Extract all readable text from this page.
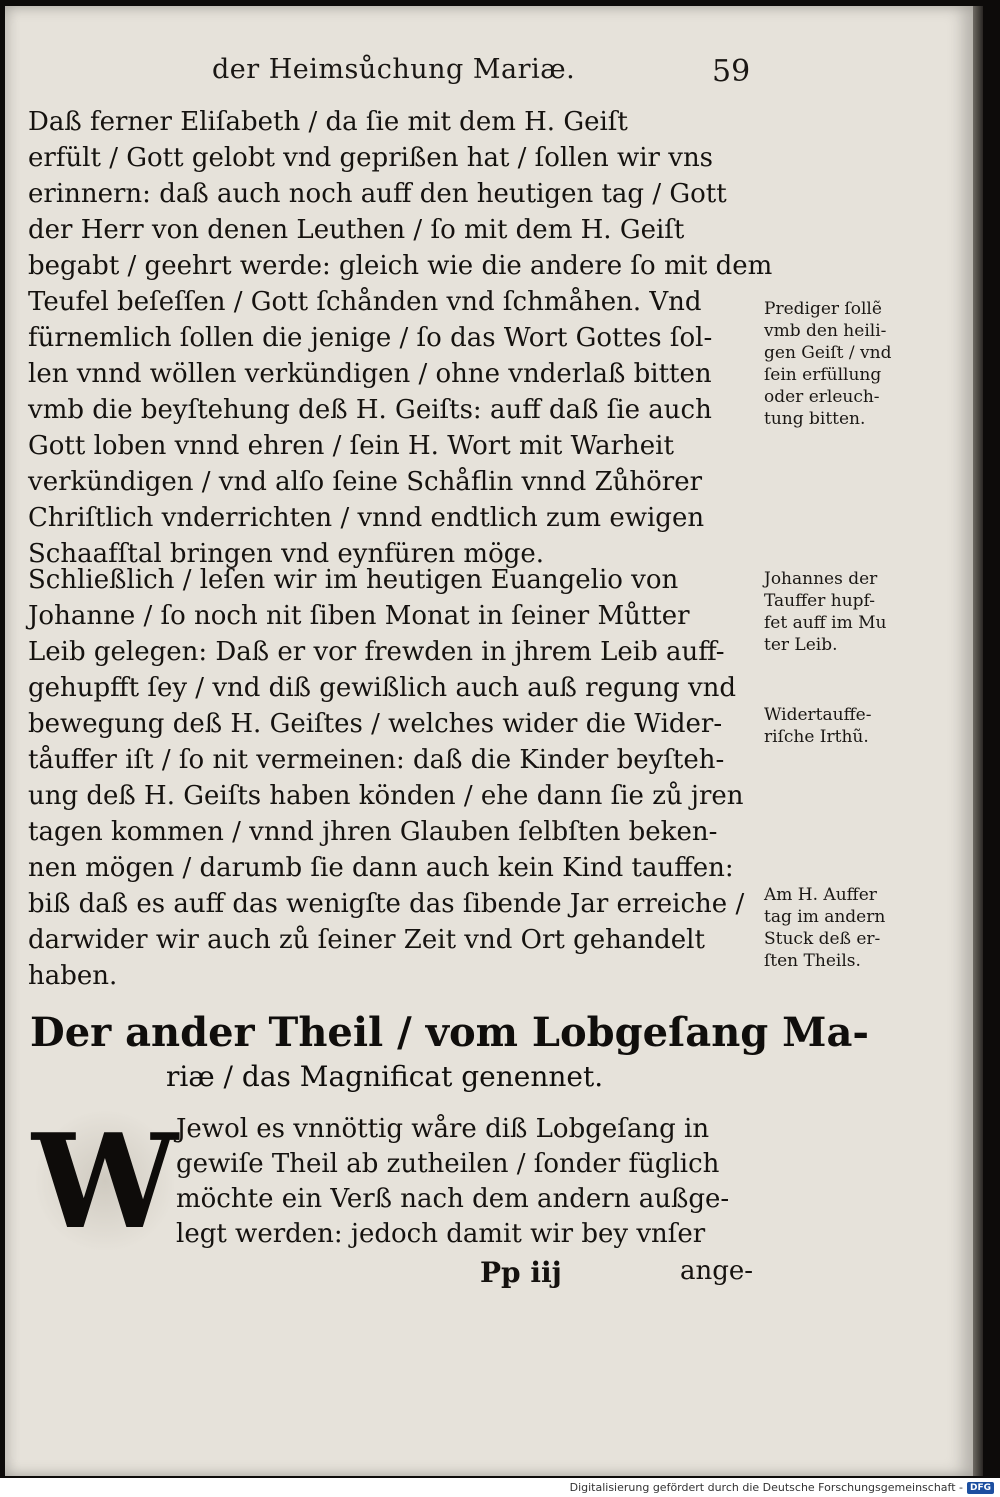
der Heimsůchung Mariæ.	59
Daß ferner Eliſabeth / da ſie mit dem H. Geiſt
erfült / Gott gelobt vnd geprißen hat / ſollen wir vns
erinnern: daß auch noch auff den heutigen tag / Gott
der Herr von denen Leuthen / ſo mit dem H. Geiſt
begabt / geehrt werde: gleich wie die andere ſo mit dem
Teufel beſeſſen / Gott ſchånden vnd ſchmåhen. Vnd
fürnemlich ſollen die jenige / ſo das Wort Gottes ſol-
len vnnd wöllen verkündigen / ohne vnderlaß bitten
vmb die beyſtehung deß H. Geiſts: auff daß ſie auch
Gott loben vnnd ehren / ſein H. Wort mit Warheit
verkündigen / vnd alſo ſeine Schåflin vnnd Zůhörer
Chriſtlich vnderrichten / vnnd endtlich zum ewigen
Schaafſtal bringen vnd eynfüren möge.
Schließlich / leſen wir im heutigen Euangelio von
Johanne / ſo noch nit ſiben Monat in ſeiner Můtter
Leib gelegen: Daß er vor frewden in jhrem Leib auff-
gehupfft ſey / vnd diß gewißlich auch auß regung vnd
bewegung deß H. Geiſtes / welches wider die Wider-
tåuffer iſt / ſo nit vermeinen: daß die Kinder beyſteh-
ung deß H. Geiſts haben könden / ehe dann ſie zů jren
tagen kommen / vnnd jhren Glauben ſelbſten beken-
nen mögen / darumb ſie dann auch kein Kind tauffen:
biß daß es auff das wenigſte das ſibende Jar erreiche /
darwider wir auch zů ſeiner Zeit vnd Ort gehandelt
haben.
Prediger ſollẽ
vmb den heili-
gen Geiſt / vnd
ſein erfüllung
oder erleuch-
tung bitten.
Johannes der
Tauffer hupf-
fet auff im Mu
ter Leib.
Widertauffe-
riſche Irthũ.
Am H. Auffer
tag im andern
Stuck deß er-
ſten Theils.
Der ander Theil / vom Lobgeſang Ma-
riæ / das Magnificat genennet.
W
Jewol es vnnöttig wåre diß Lobgeſang in
gewiſe Theil ab zutheilen / ſonder füglich
möchte ein Verß nach dem andern außge-
legt werden: jedoch damit wir bey vnſer
Pp iij	ange-
Digitalisierung gefördert durch die Deutsche Forschungsgemeinschaft - DFG
